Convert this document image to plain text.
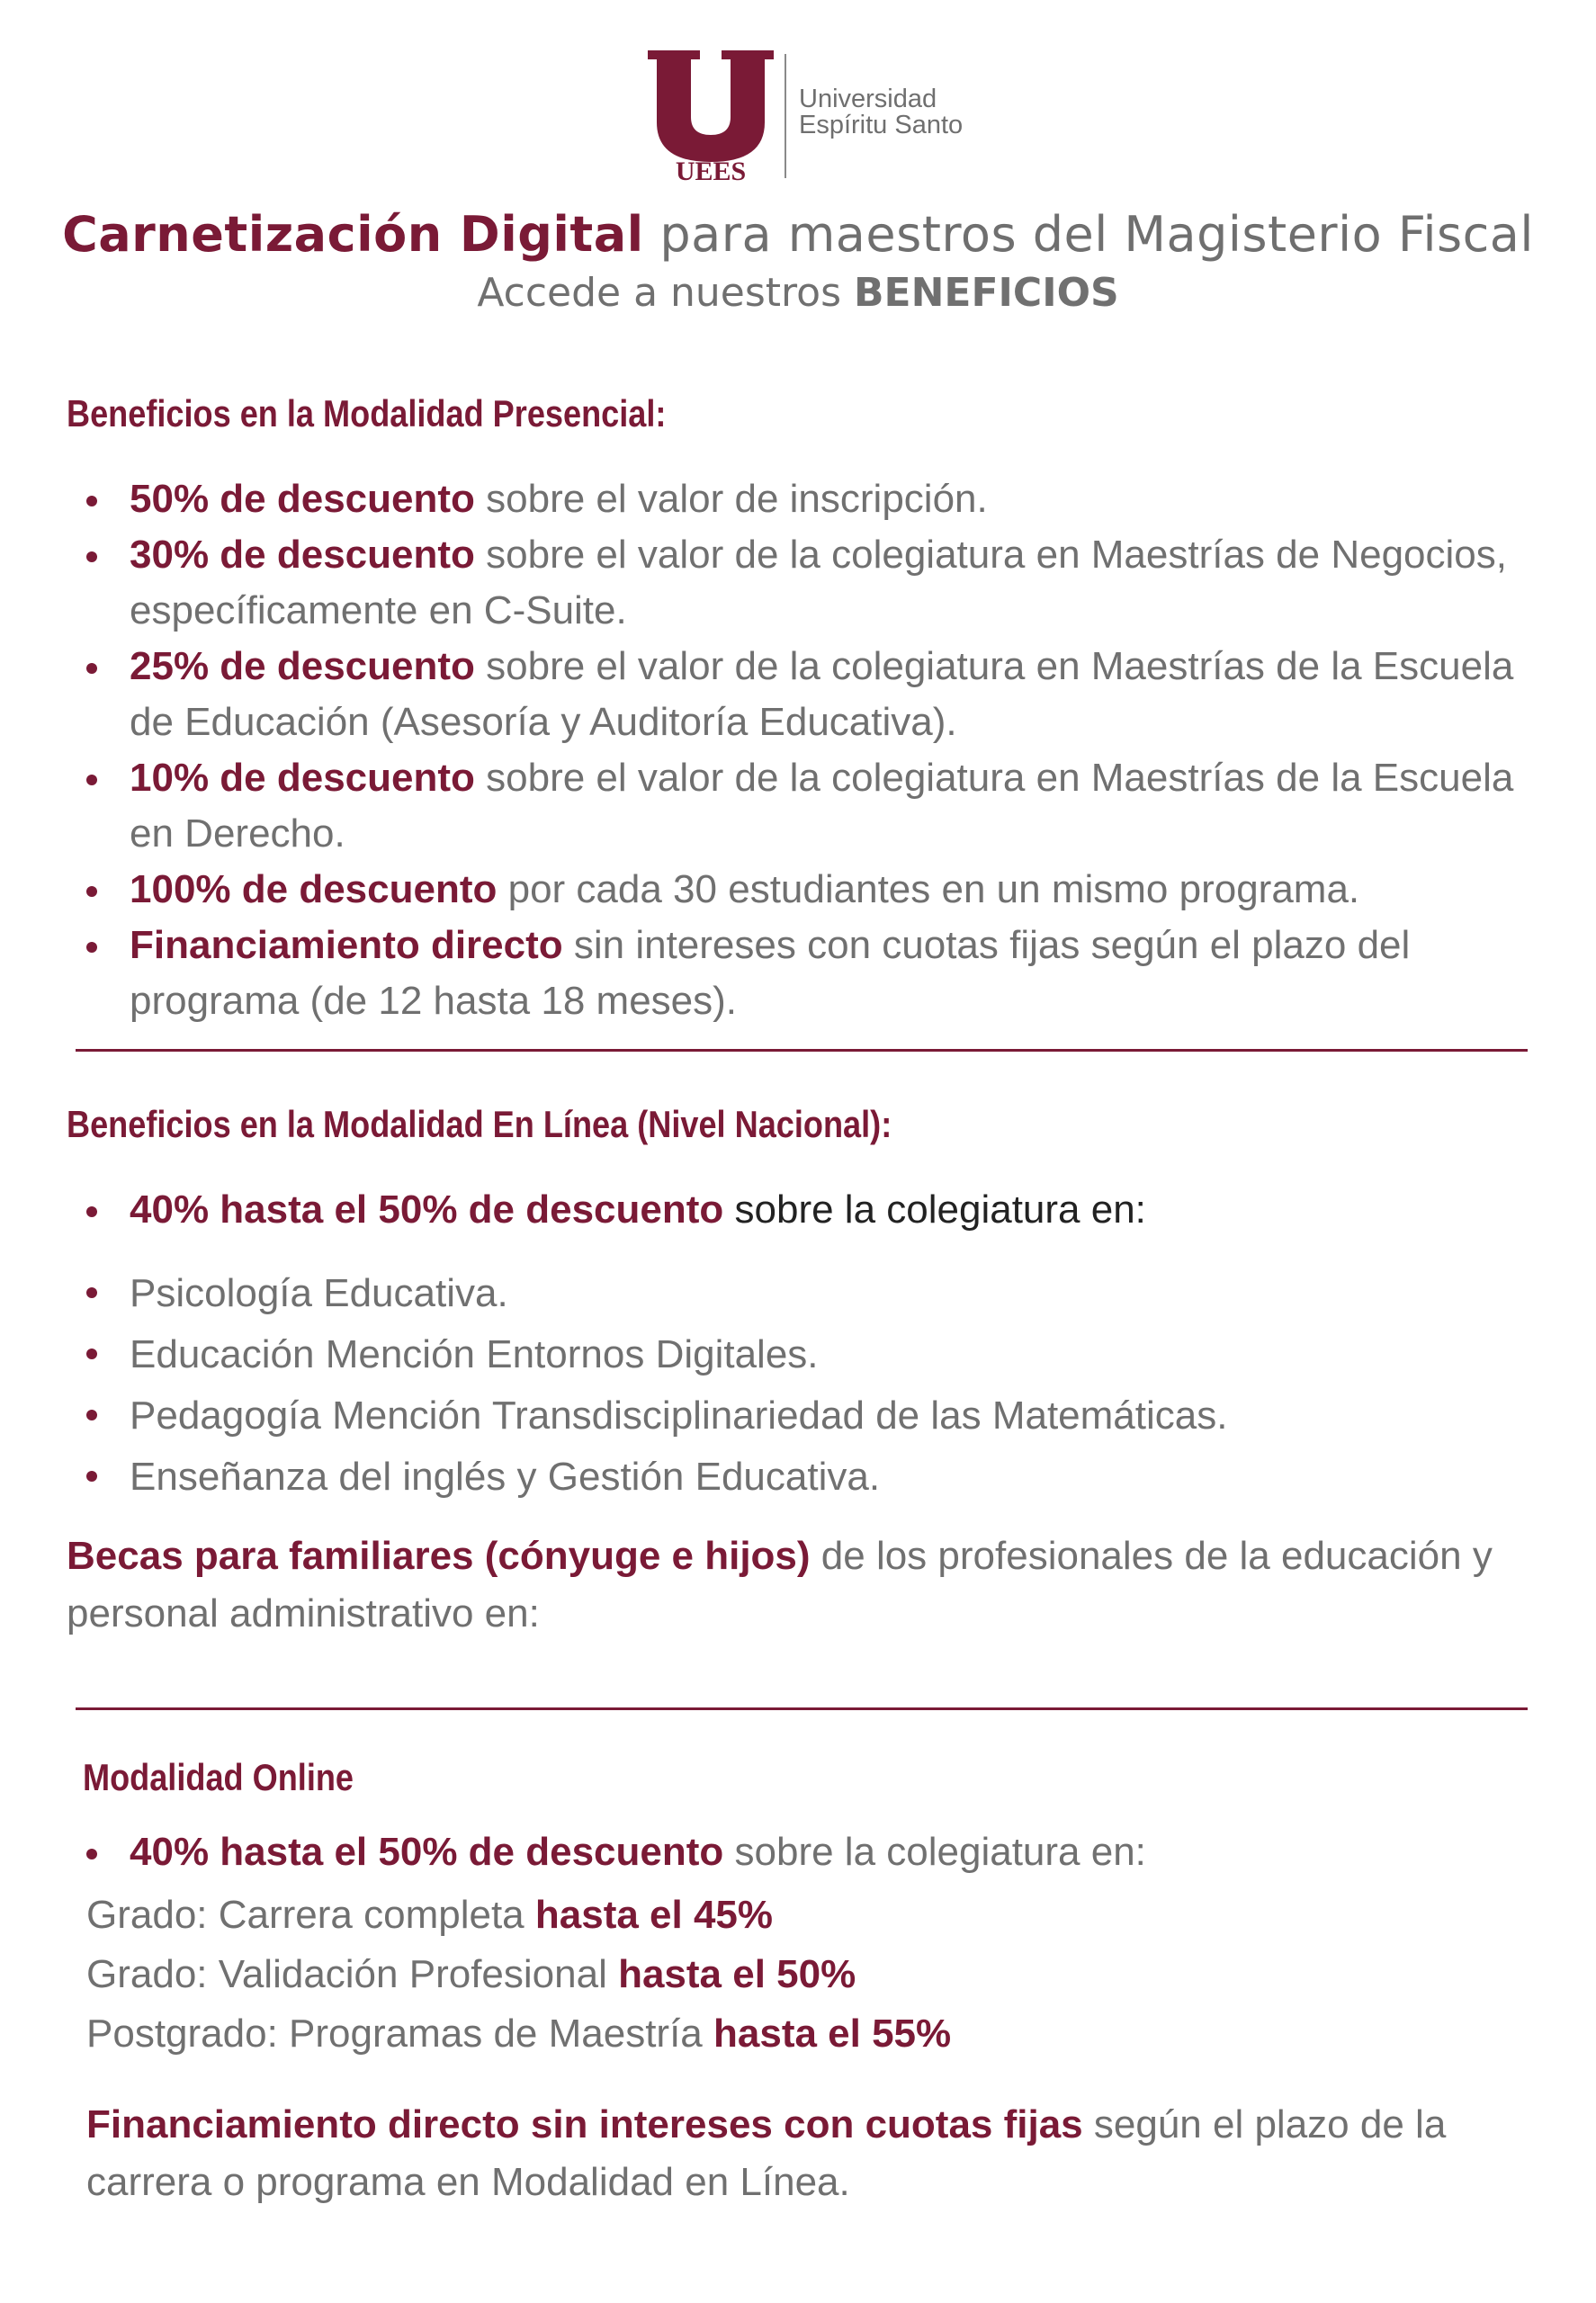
UEES
Universidad
Espíritu Santo
Carnetización Digital para maestros del Magisterio Fiscal
Accede a nuestros BENEFICIOS
Beneficios en la Modalidad Presencial:
50% de descuento sobre el valor de inscripción.
30% de descuento sobre el valor de la colegiatura en Maestrías de Negocios, específicamente en C-Suite.
25% de descuento sobre el valor de la colegiatura en Maestrías de la Escuela de Educación (Asesoría y Auditoría Educativa).
10% de descuento sobre el valor de la colegiatura en Maestrías de la Escuela en Derecho.
100% de descuento por cada 30 estudiantes en un mismo programa.
Financiamiento directo sin intereses con cuotas fijas según el plazo del programa (de 12 hasta 18 meses).
Beneficios en la Modalidad En Línea (Nivel Nacional):
40% hasta el 50% de descuento sobre la colegiatura en:
Psicología Educativa.
Educación Mención Entornos Digitales.
Pedagogía Mención Transdisciplinariedad de las Matemáticas.
Enseñanza del inglés y Gestión Educativa.
Becas para familiares (cónyuge e hijos) de los profesionales de la educación y personal administrativo en:
Modalidad Online
40% hasta el 50% de descuento sobre la colegiatura en:
Grado: Carrera completa hasta el 45%
Grado: Validación Profesional hasta el 50%
Postgrado: Programas de Maestría hasta el 55%
Financiamiento directo sin intereses con cuotas fijas según el plazo de la carrera o programa en Modalidad en Línea.
